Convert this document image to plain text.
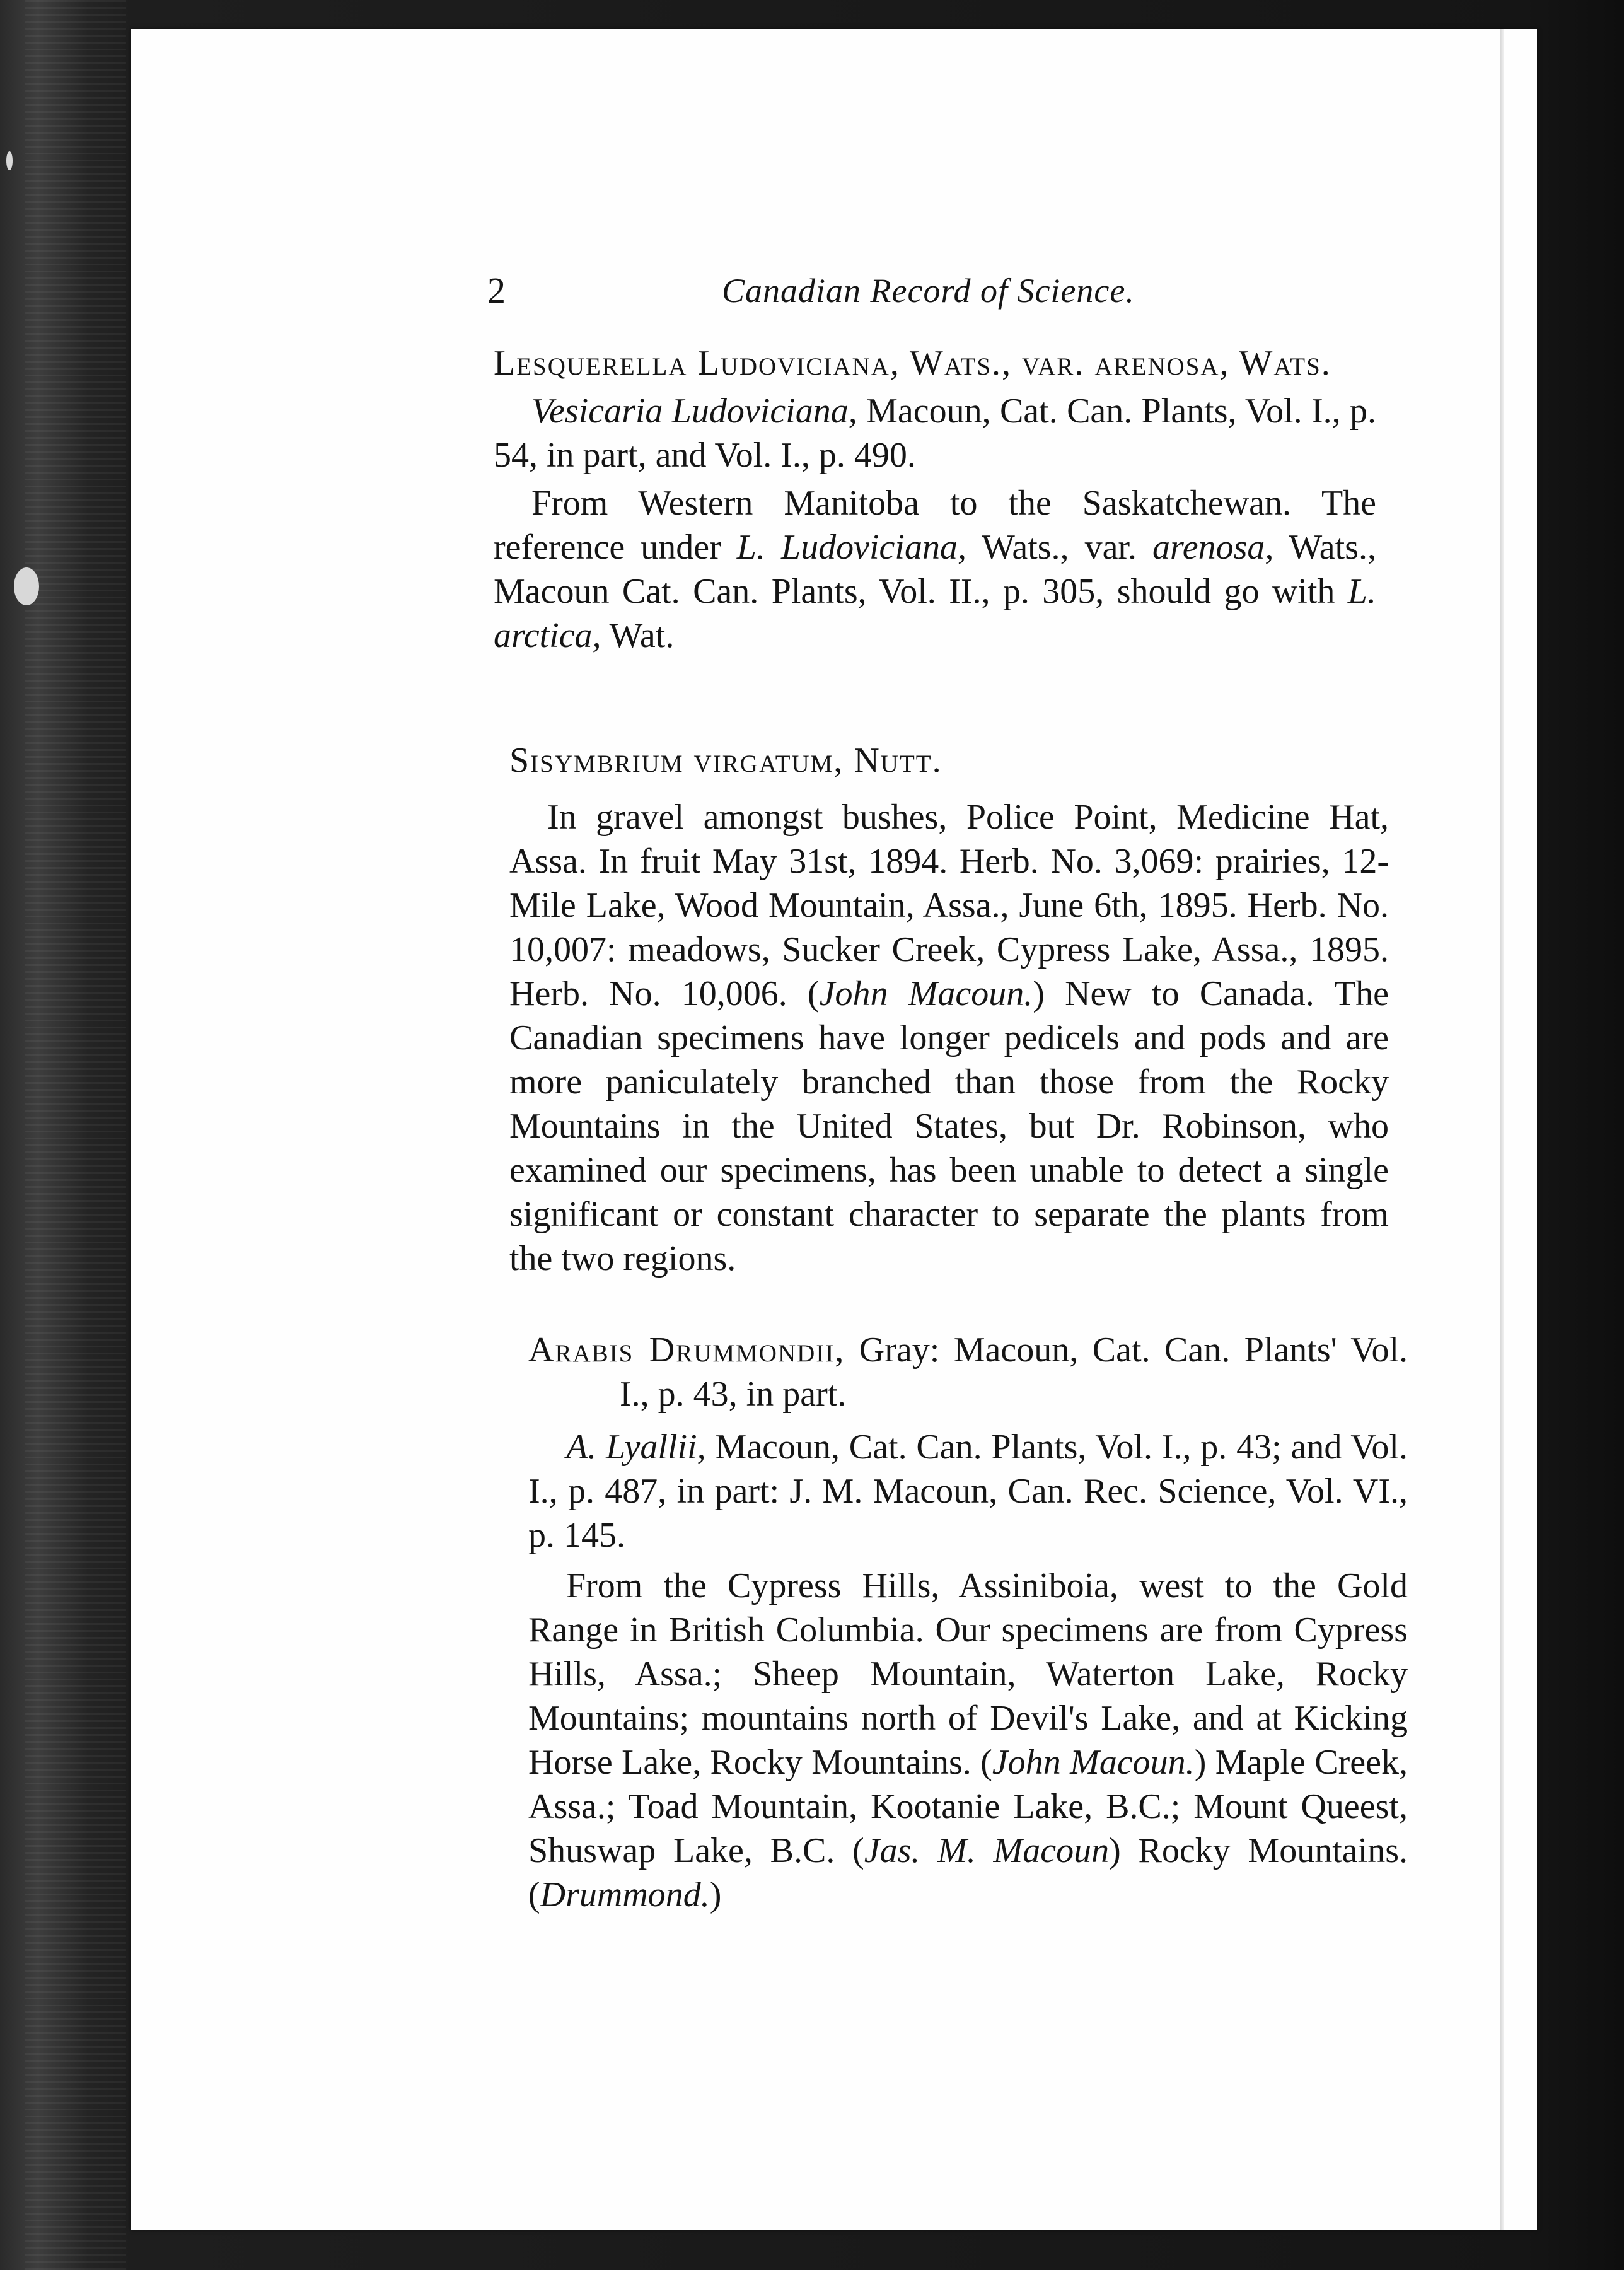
2	Canadian Record of Science.

Lesquerella Ludoviciana, Wats., var. arenosa, Wats.

Vesicaria Ludoviciana, Macoun, Cat. Can. Plants, Vol. I., p. 54, in part, and Vol. I., p. 490.

From Western Manitoba to the Saskatchewan. The reference under L. Ludoviciana, Wats., var. arenosa, Wats., Macoun Cat. Can. Plants, Vol. II., p. 305, should go with L. arctica, Wat.

Sisymbrium virgatum, Nutt.

In gravel amongst bushes, Police Point, Medicine Hat, Assa. In fruit May 31st, 1894. Herb. No. 3,069: prairies, 12-Mile Lake, Wood Mountain, Assa., June 6th, 1895. Herb. No. 10,007: meadows, Sucker Creek, Cypress Lake, Assa., 1895. Herb. No. 10,006. (John Macoun.) New to Canada. The Canadian specimens have longer pedicels and pods and are more paniculately branched than those from the Rocky Mountains in the United States, but Dr. Robinson, who examined our specimens, has been unable to detect a single significant or constant character to separate the plants from the two regions.

Arabis Drummondii, Gray: Macoun, Cat. Can. Plants' Vol. I., p. 43, in part.

A. Lyallii, Macoun, Cat. Can. Plants, Vol. I., p. 43; and Vol. I., p. 487, in part: J. M. Macoun, Can. Rec. Science, Vol. VI., p. 145.

From the Cypress Hills, Assiniboia, west to the Gold Range in British Columbia. Our specimens are from Cypress Hills, Assa.; Sheep Mountain, Waterton Lake, Rocky Mountains; mountains north of Devil's Lake, and at Kicking Horse Lake, Rocky Mountains. (John Macoun.) Maple Creek, Assa.; Toad Mountain, Kootanie Lake, B.C.; Mount Queest, Shuswap Lake, B.C. (Jas. M. Macoun) Rocky Mountains. (Drummond.)
